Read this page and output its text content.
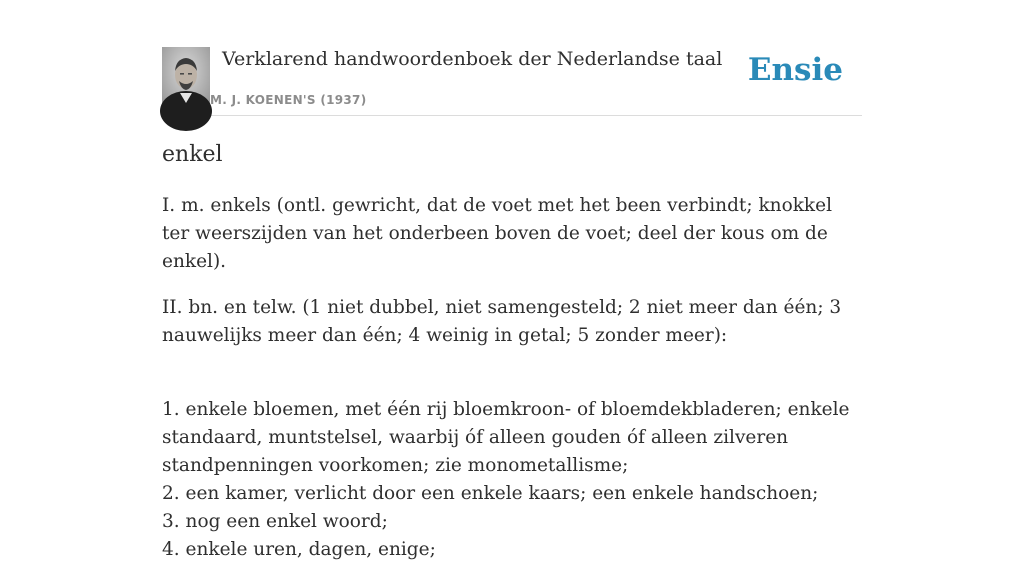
Verklarend handwoordenboek der Nederlandse taal
M. J. KOENEN'S (1937)
Ensie
enkel

I. m. enkels (ontl. gewricht, dat de voet met het been verbindt; knokkel ter weerszijden van het onderbeen boven de voet; deel der kous om de enkel).

II. bn. en telw. (1 niet dubbel, niet samengesteld; 2 niet meer dan één; 3 nauwelijks meer dan één; 4 weinig in getal; 5 zonder meer):

1. enkele bloemen, met één rij bloemkroon- of bloemdekbladeren; enkele standaard, muntstelsel, waarbij óf alleen gouden óf alleen zilveren standpenningen voorkomen; zie monometallisme;
2. een kamer, verlicht door een enkele kaars; een enkele handschoen;
3. nog een enkel woord;
4. enkele uren, dagen, enige;
